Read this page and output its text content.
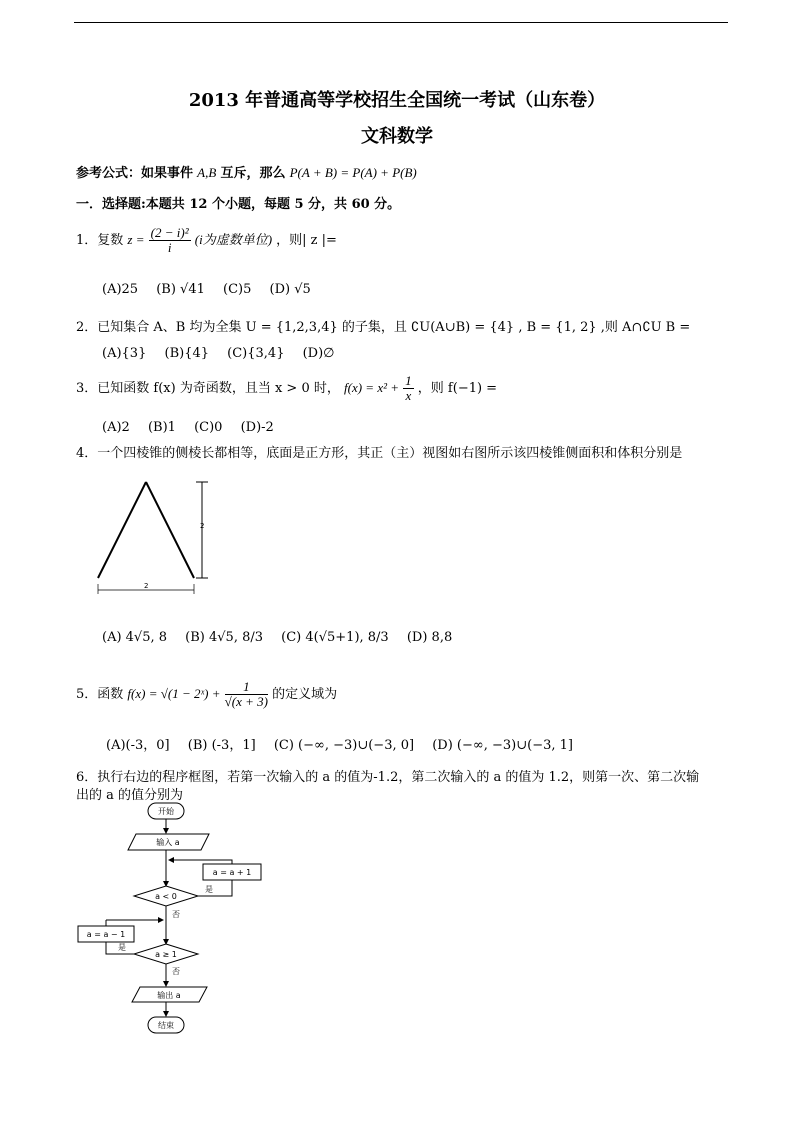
2013 年普通高等学校招生全国统一考试（山东卷）
文科数学
参考公式：如果事件 A,B 互斥，那么 P(A + B) = P(A) + P(B)
一．选择题:本题共 12 个小题，每题 5 分，共 60 分。
1．复数 $z = \frac{\text{(2 − i)²}}{i} (i$为虚数单位) ，则| z |=
(A)25 (B) √41 (C)5 (D) √5
2．已知集合 A、B 均为全集 U = {1,2,3,4} 的子集，且 ∁U(A∪B) = {4} , B = {1, 2} ,则 A∩∁U B =
(A){3} (B){4} (C){3,4} (D)∅
3．已知函数 f(x) 为奇函数，且当 x > 0 时， $f(x) = x^2 + \frac{1}{x}$ ，则 f(−1) =
(A)2 (B)1 (C)0 (D)-2
4．一个四棱锥的侧棱长都相等，底面是正方形，其正（主）视图如右图所示该四棱锥侧面积和体积分别是
2
2
(A) 4√5, 8 (B) 4√5, 8/3 (C) 4(√5+1), 8/3 (D) 8,8
5．函数 f(x) = √(1 − 2ˣ) + $\frac{1}{√(x + 3)}$ 的定义域为
(A)(-3，0] (B) (-3，1] (C) (−∞, −3)∪(−3, 0] (D) (−∞, −3)∪(−3, 1]
6．执行右边的程序框图，若第一次输入的 a 的值为-1.2，第二次输入的 a 的值为 1.2，则第一次、第二次输
出的 a 的值分别为
开始
输入 a
a = a + 1
是
a < 0
否
a = a − 1
是
a ≥ 1
否
输出 a
结束
